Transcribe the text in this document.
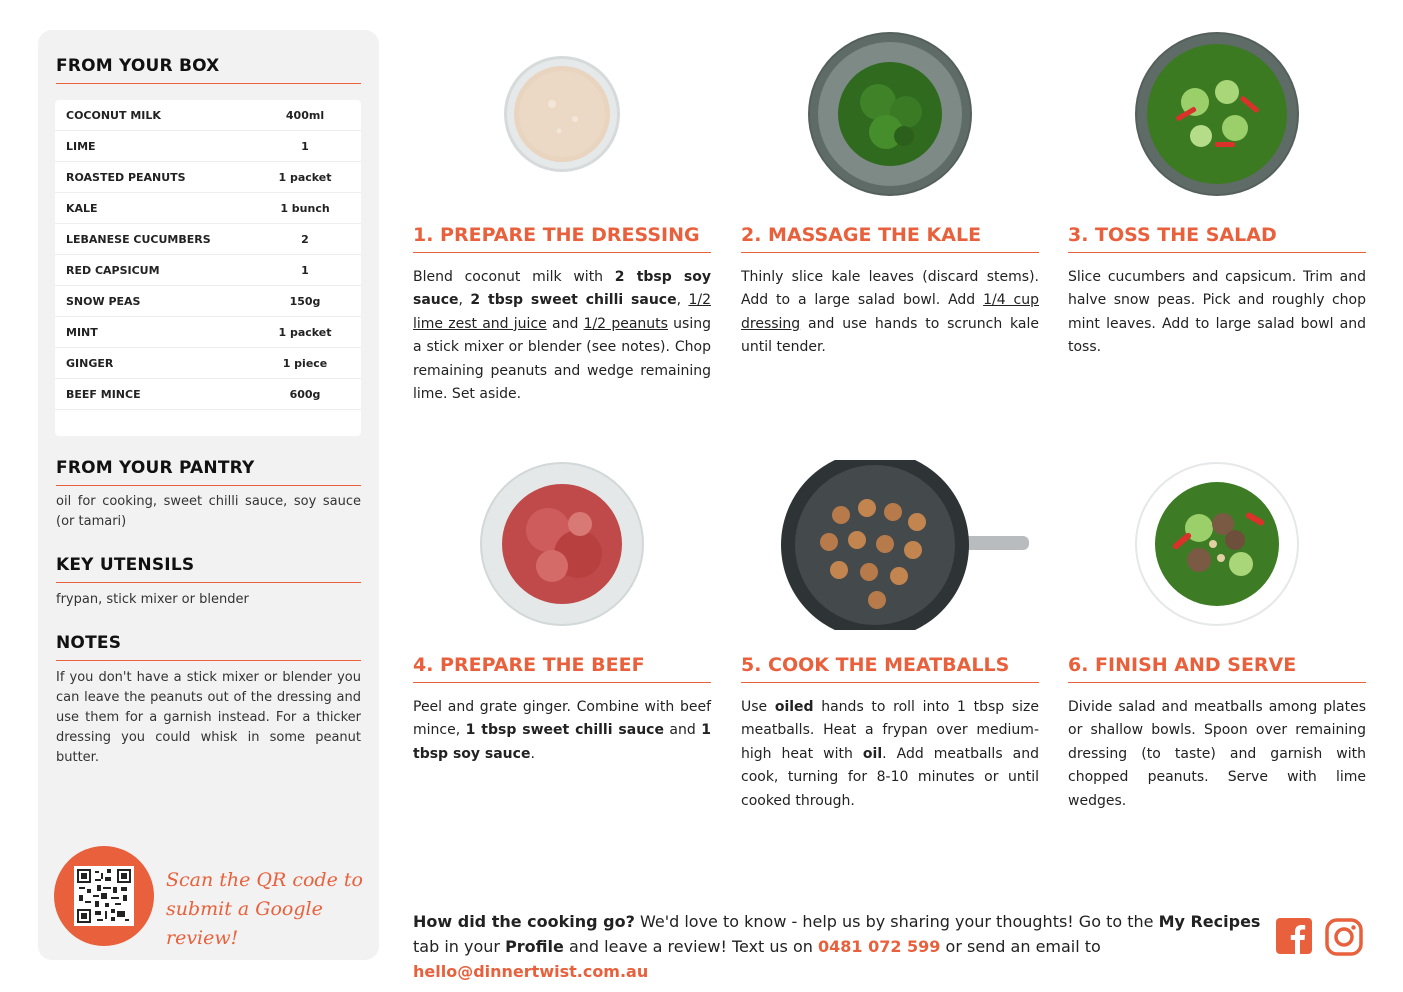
FROM YOUR BOX
COCONUT MILK	400ml
LIME	1
ROASTED PEANUTS	1 packet
KALE	1 bunch
LEBANESE CUCUMBERS	2
RED CAPSICUM	1
SNOW PEAS	150g
MINT	1 packet
GINGER	1 piece
BEEF MINCE	600g
FROM YOUR PANTRY
oil for cooking, sweet chilli sauce, soy sauce (or tamari)
KEY UTENSILS
frypan, stick mixer or blender
NOTES
If you don't have a stick mixer or blender you can leave the peanuts out of the dressing and use them for a garnish instead. For a thicker dressing you could whisk in some peanut butter.
Scan the QR code to
submit a Google review!
1. PREPARE THE DRESSING
Blend coconut milk with 2 tbsp soy sauce, 2 tbsp sweet chilli sauce, 1/2 lime zest and juice and 1/2 peanuts using a stick mixer or blender (see notes). Chop remaining peanuts and wedge remaining lime. Set aside.
2. MASSAGE THE KALE
Thinly slice kale leaves (discard stems). Add to a large salad bowl. Add 1/4 cup dressing and use hands to scrunch kale until tender.
3. TOSS THE SALAD
Slice cucumbers and capsicum. Trim and halve snow peas. Pick and roughly chop mint leaves. Add to large salad bowl and toss.
4. PREPARE THE BEEF
Peel and grate ginger. Combine with beef mince, 1 tbsp sweet chilli sauce and 1 tbsp soy sauce.
5. COOK THE MEATBALLS
Use oiled hands to roll into 1 tbsp size meatballs. Heat a frypan over medium-high heat with oil. Add meatballs and cook, turning for 8-10 minutes or until cooked through.
6. FINISH AND SERVE
Divide salad and meatballs among plates or shallow bowls. Spoon over remaining dressing (to taste) and garnish with chopped peanuts. Serve with lime wedges.
How did the cooking go? We'd love to know - help us by sharing your thoughts! Go to the My Recipes tab in your Profile and leave a review! Text us on 0481 072 599 or send an email to hello@dinnertwist.com.au
